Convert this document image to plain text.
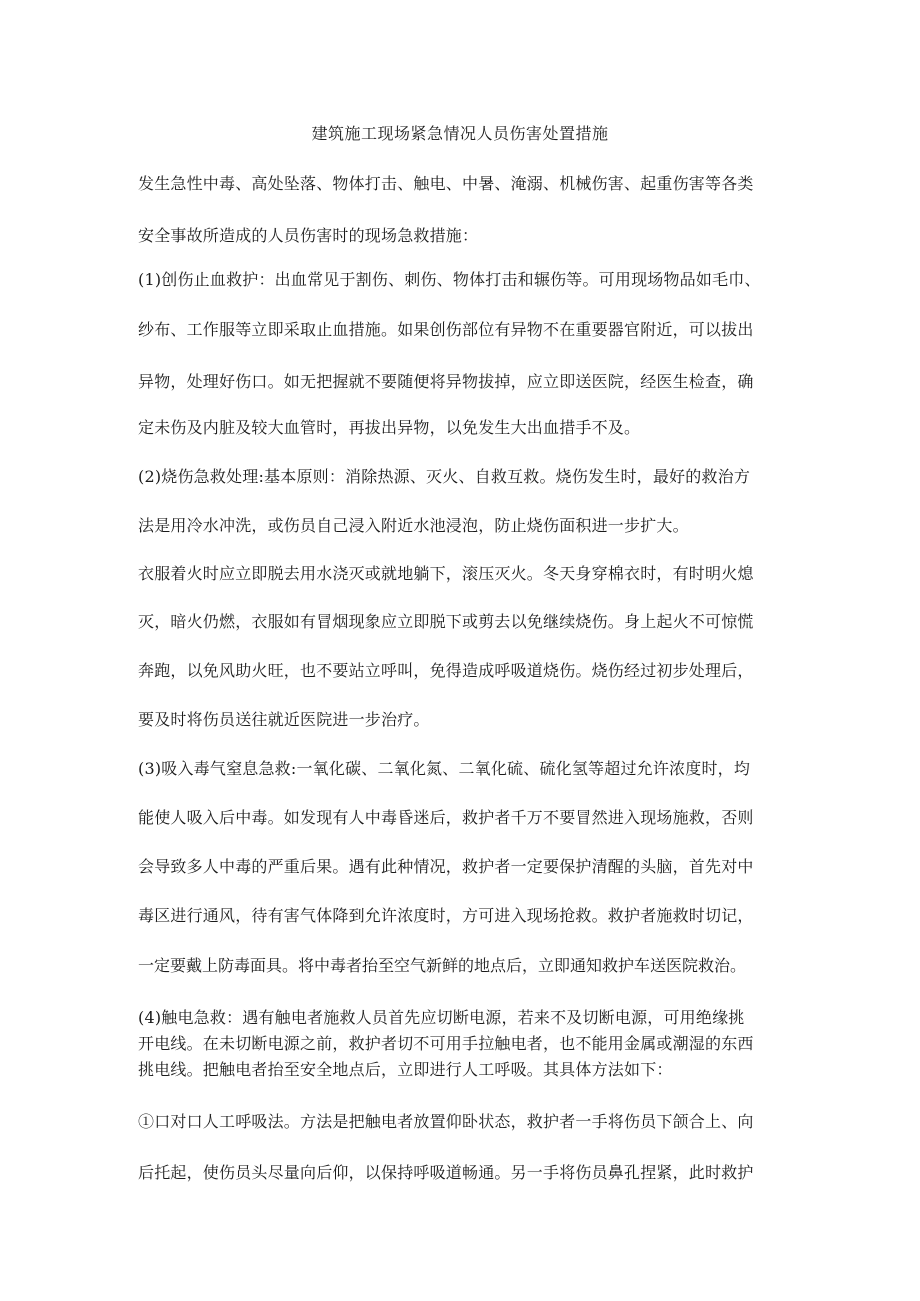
建筑施工现场紧急情况人员伤害处置措施
发生急性中毒、高处坠落、物体打击、触电、中暑、淹溺、机械伤害、起重伤害等各类
安全事故所造成的人员伤害时的现场急救措施：
(1)创伤止血救护：出血常见于割伤、刺伤、物体打击和辗伤等。可用现场物品如毛巾、
纱布、工作服等立即采取止血措施。如果创伤部位有异物不在重要器官附近，可以拔出
异物，处理好伤口。如无把握就不要随便将异物拔掉，应立即送医院，经医生检查，确
定未伤及内脏及较大血管时，再拔出异物，以免发生大出血措手不及。
(2)烧伤急救处理:基本原则：消除热源、灭火、自救互救。烧伤发生时，最好的救治方
法是用冷水冲洗，或伤员自己浸入附近水池浸泡，防止烧伤面积进一步扩大。
衣服着火时应立即脱去用水浇灭或就地躺下，滚压灭火。冬天身穿棉衣时，有时明火熄
灭，暗火仍燃，衣服如有冒烟现象应立即脱下或剪去以免继续烧伤。身上起火不可惊慌
奔跑，以免风助火旺，也不要站立呼叫，免得造成呼吸道烧伤。烧伤经过初步处理后，
要及时将伤员送往就近医院进一步治疗。
(3)吸入毒气窒息急救:一氧化碳、二氧化氮、二氧化硫、硫化氢等超过允许浓度时，均
能使人吸入后中毒。如发现有人中毒昏迷后，救护者千万不要冒然进入现场施救，否则
会导致多人中毒的严重后果。遇有此种情况，救护者一定要保护清醒的头脑，首先对中
毒区进行通风，待有害气体降到允许浓度时，方可进入现场抢救。救护者施救时切记，
一定要戴上防毒面具。将中毒者抬至空气新鲜的地点后，立即通知救护车送医院救治。
(4)触电急救：遇有触电者施救人员首先应切断电源，若来不及切断电源，可用绝缘挑
开电线。在未切断电源之前，救护者切不可用手拉触电者，也不能用金属或潮湿的东西
挑电线。把触电者抬至安全地点后，立即进行人工呼吸。其具体方法如下：
①口对口人工呼吸法。方法是把触电者放置仰卧状态，救护者一手将伤员下颌合上、向
后托起，使伤员头尽量向后仰，以保持呼吸道畅通。另一手将伤员鼻孔捏紧，此时救护
